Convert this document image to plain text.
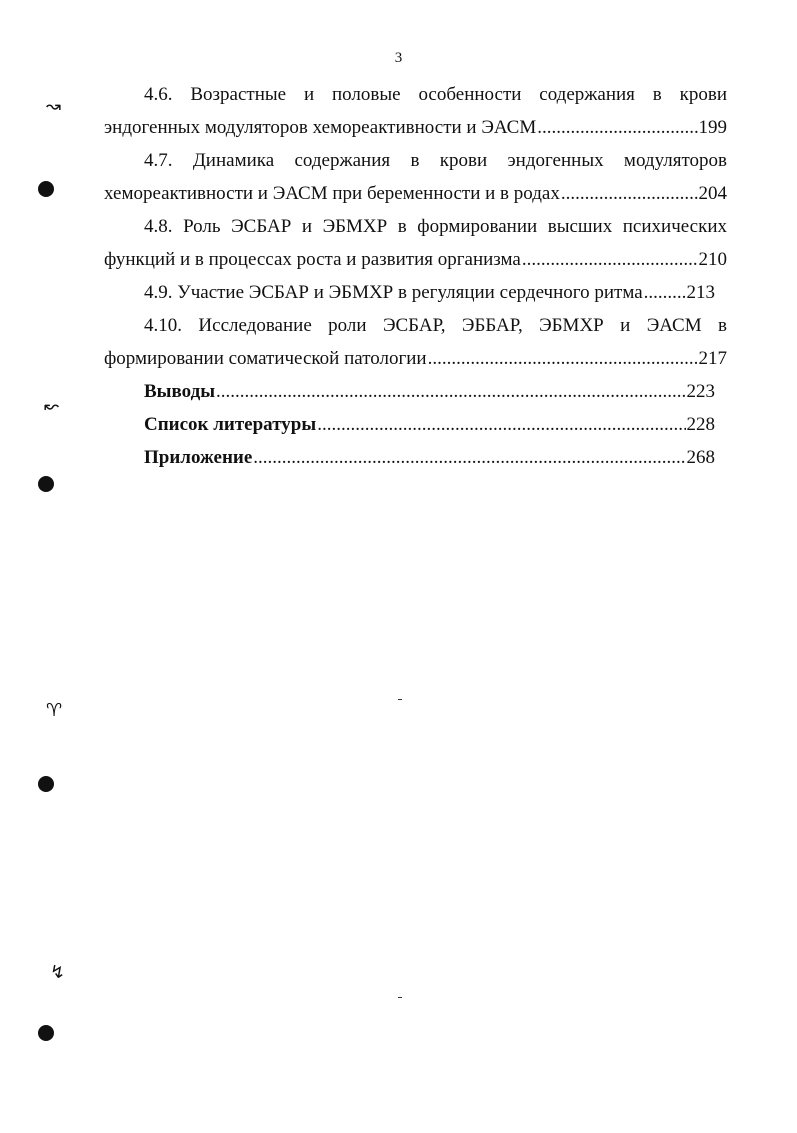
3
4.6. Возрастные и половые особенности содержания в крови
эндогенных модуляторов хемореактивности и ЭАСМ .....	199
4.7. Динамика содержания в крови эндогенных модуляторов
хемореактивности и ЭАСМ при беременности и в родах .....	204
4.8. Роль ЭСБАР и ЭБМХР в формировании высших психических
функций и в процессах роста и развития организма .....	210
4.9. Участие ЭСБАР и ЭБМХР в регуляции сердечного ритма ..... 213
4.10. Исследование роли ЭСБАР, ЭББАР, ЭБМХР и ЭАСМ в
формировании соматической патологии .....	217
Выводы .....	223
Список литературы .....	228
Приложение .....	268
↝
↜
♈
↯
